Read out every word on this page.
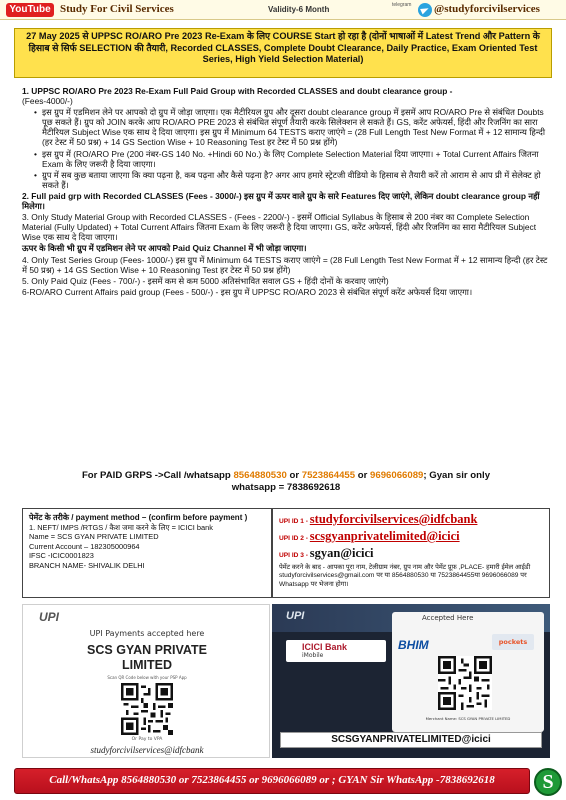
YouTube Study For Civil Services	Validity-6 Month	telegram @studyforcivilservices
27 May 2025 से UPPSC RO/ARO Pre 2023 Re-Exam के लिए COURSE Start हो रहा है (दोनों भाषाओं में Latest Trend और Pattern के हिसाब से सिर्फ SELECTION की तैयारी, Recorded CLASSES, Complete Doubt Clearance, Daily Practice, Exam Oriented Test Series, High Yield Selection Material)
1. UPPSC RO/ARO Pre 2023 Re-Exam Full Paid Group with Recorded CLASSES and doubt clearance group -
(Fees-4000/-)
• इस ग्रुप में एडमिशन लेने पर आपको दो ग्रुप में जोड़ा जाएगा। एक मैटीरियल ग्रुप और दूसरा doubt clearance group में इसमें आप RO/ARO Pre से संबंधित Doubts पूछ सकते हैं। ग्रुप को JOIN करके आप RO/ARO PRE 2023 से संबंधित संपूर्ण तैयारी करके सिलेक्शन ले सकते हैं। GS, करेंट अफेयर्स, हिंदी और रिजनिंग का सारा मैटीरियल Subject Wise एक साथ दे दिया जाएगा। इस ग्रुप में Minimum 64 TESTS कराए जाएंगे = (28 Full Length Test New Format में + 12 सामान्य हिन्दी (हर टेस्ट में 50 प्रश्न) + 14 GS Section Wise + 10 Reasoning Test हर टेस्ट में 50 प्रश्न होंगे)
• इस ग्रुप में (RO/ARO Pre (200 नंबर-GS 140 No. +Hindi 60 No.) के लिए Complete Selection Material दिया जाएगा। + Total Current Affairs जितना Exam के लिए जरूरी है दिया जाएगा।
• ग्रुप में सब कुछ बताया जाएगा कि क्या पढ़ना है, कब पढ़ना और कैसे पढ़ना है? अगर आप हमारे स्ट्रेटजी वीडियो के हिसाब से तैयारी करें तो आराम से आप प्री में सेलेक्ट हो सकते हैं।

2. Full paid grp with Recorded CLASSES (Fees - 3000/-) इस ग्रुप में ऊपर वाले ग्रुप के सारे Features दिए जाएंगे, लेकिन doubt clearance group नहीं मिलेगा।

3. Only Study Material Group with Recorded CLASSES - (Fees - 2200/-) - इसमें Official Syllabus के हिसाब से 200 नंबर का Complete Selection Material (Fully Updated) + Total Current Affairs जितना Exam के लिए जरूरी है दिया जाएगा। GS, करेंट अफेयर्स, हिंदी और रिजनिंग का सारा मैटीरियल Subject Wise एक साथ दे दिया जाएगा।

ऊपर के किसी भी ग्रुप में एडमिशन लेने पर आपको Paid Quiz Channel में भी जोड़ा जाएगा।

4. Only Test Series Group (Fees- 1000/-) इस ग्रुप में Minimum 64 TESTS कराए जाएंगे = (28 Full Length Test New Format में + 12 सामान्य हिन्दी (हर टेस्ट में 50 प्रश्न) + 14 GS Section Wise + 10 Reasoning Test हर टेस्ट में 50 प्रश्न होंगे)

5. Only Paid Quiz (Fees - 700/-) - इसमें कम से कम 5000 अतिसंभावित सवाल GS + हिंदी दोनों के करवाए जाएंगे)

6-RO/ARO Current Affairs paid group (Fees - 500/-) - इस ग्रुप में UPPSC RO/ARO 2023 से संबंधित संपूर्ण करेंट अफेयर्स दिया जाएगा।

For PAID GRPS ->Call /whatsapp 8564880530 or 7523864455 or 9696066089; Gyan sir only
whatsapp = 7838692618
पेमेंट के तरीके / payment method – (confirm before payment )
1. NEFT/ IMPS /RTGS / कैश जमा करने के लिए = ICICI bank
Name = SCS GYAN PRIVATE LIMITED
Current Account – 182305000964
IFSC -ICIC0001823
BRANCH NAME- SHIVALIK DELHI
UPI ID 1 - studyforcivilservices@idfcbank
UPI ID 2 - scsgyanprivatelimited@icici
UPI ID 3 - sgyan@icici
पेमेंट करने के बाद - आपका पूरा नाम, टेलीग्राम नंबर, ग्रुप नाम और पेमेंट प्रूफ़ ,PLACE- हमारी ईमेल आईडी studyforcivilservices@gmail.com पर या 8564880530 या 7523864455या 9696066089 पर Whatsapp पर भेजना होगा।
UPI
UPI Payments accepted here
SCS GYAN PRIVATE
LIMITED
Scan QR Code below with your PSP App
Or Pay to VPA
studyforcivilservices@idfcbank
UPI
ICICI Bank
iMobile
Accepted Here
BHIM	pockets
Merchant Name: SCS GYAN PRIVATE LIMITED
SCSGYANPRIVATELIMITED@icici
Call/WhatsApp 8564880530 or 7523864455 or 9696066089 or ; GYAN Sir WhatsApp -7838692618	S
